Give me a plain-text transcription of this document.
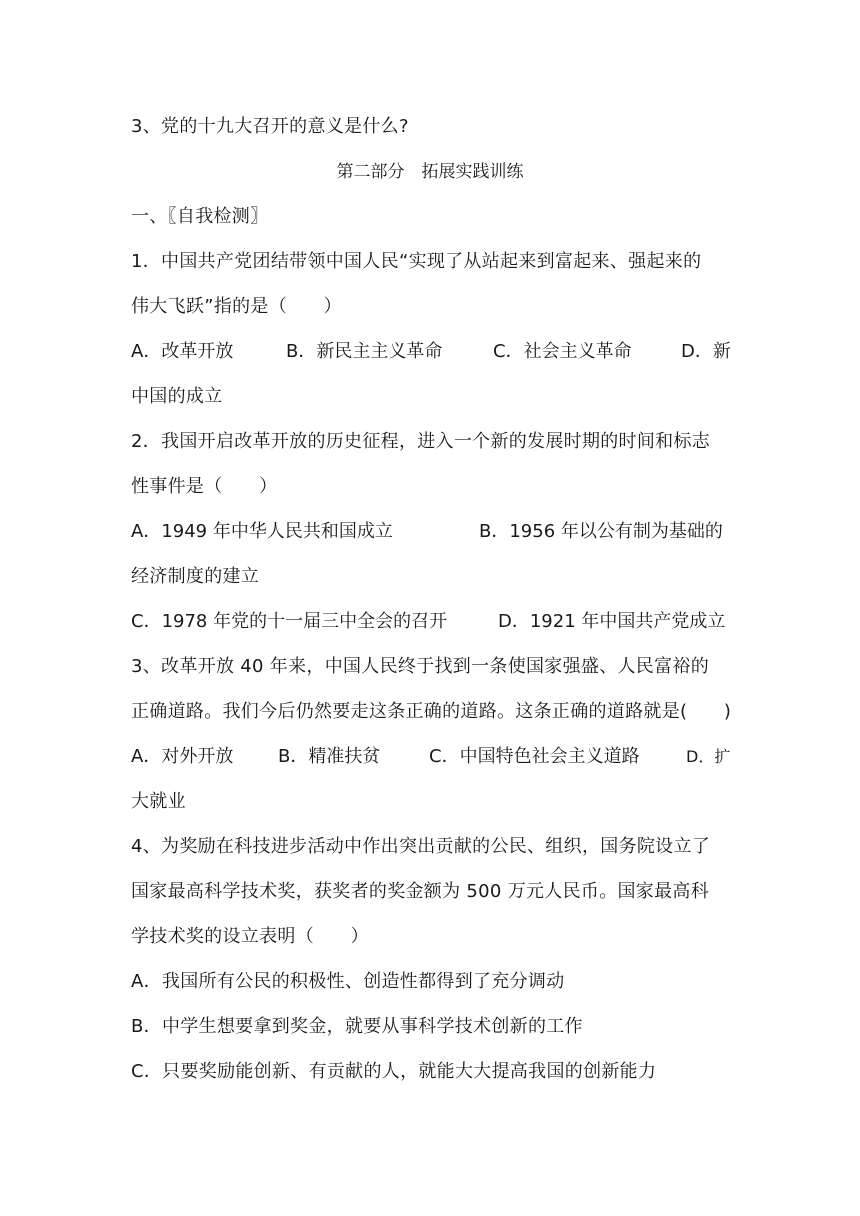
3、党的十九大召开的意义是什么?
第二部分　拓展实践训练
一、〖自我检测〗
1．中国共产党团结带领中国人民“实现了从站起来到富起来、强起来的
伟大飞跃”指的是（　　）
A．改革开放	B．新民主主义革命	C．社会主义革命	D．新
中国的成立
2．我国开启改革开放的历史征程，进入一个新的发展时期的时间和标志
性事件是（　　）
A．1949 年中华人民共和国成立	B．1956 年以公有制为基础的
经济制度的建立
C．1978 年党的十一届三中全会的召开	D．1921 年中国共产党成立
3、改革开放 40 年来，中国人民终于找到一条使国家强盛、人民富裕的
正确道路。我们今后仍然要走这条正确的道路。这条正确的道路就是(　　)
A．对外开放 B．精准扶贫	C．中国特色社会主义道路	D．扩
大就业
4、为奖励在科技进步活动中作出突出贡献的公民、组织，国务院设立了
国家最高科学技术奖，获奖者的奖金额为 500 万元人民币。国家最高科
学技术奖的设立表明（　　）
A．我国所有公民的积极性、创造性都得到了充分调动
B．中学生想要拿到奖金，就要从事科学技术创新的工作
C．只要奖励能创新、有贡献的人，就能大大提高我国的创新能力
